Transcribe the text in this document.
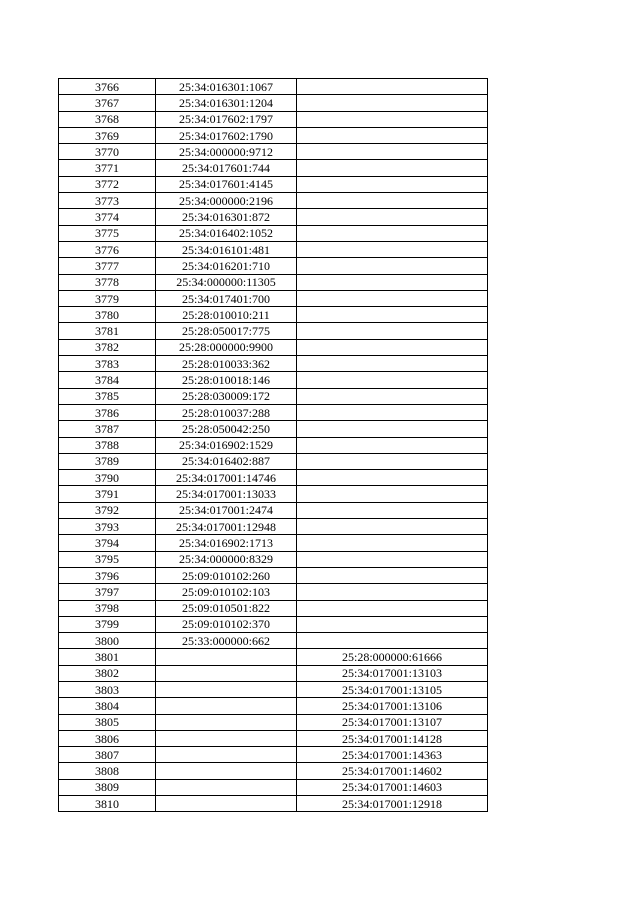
3766	25:34:016301:1067	
3767	25:34:016301:1204	
3768	25:34:017602:1797	
3769	25:34:017602:1790	
3770	25:34:000000:9712	
3771	25:34:017601:744	
3772	25:34:017601:4145	
3773	25:34:000000:2196	
3774	25:34:016301:872	
3775	25:34:016402:1052	
3776	25:34:016101:481	
3777	25:34:016201:710	
3778	25:34:000000:11305	
3779	25:34:017401:700	
3780	25:28:010010:211	
3781	25:28:050017:775	
3782	25:28:000000:9900	
3783	25:28:010033:362	
3784	25:28:010018:146	
3785	25:28:030009:172	
3786	25:28:010037:288	
3787	25:28:050042:250	
3788	25:34:016902:1529	
3789	25:34:016402:887	
3790	25:34:017001:14746	
3791	25:34:017001:13033	
3792	25:34:017001:2474	
3793	25:34:017001:12948	
3794	25:34:016902:1713	
3795	25:34:000000:8329	
3796	25:09:010102:260	
3797	25:09:010102:103	
3798	25:09:010501:822	
3799	25:09:010102:370	
3800	25:33:000000:662	
3801		25:28:000000:61666
3802		25:34:017001:13103
3803		25:34:017001:13105
3804		25:34:017001:13106
3805		25:34:017001:13107
3806		25:34:017001:14128
3807		25:34:017001:14363
3808		25:34:017001:14602
3809		25:34:017001:14603
3810		25:34:017001:12918
